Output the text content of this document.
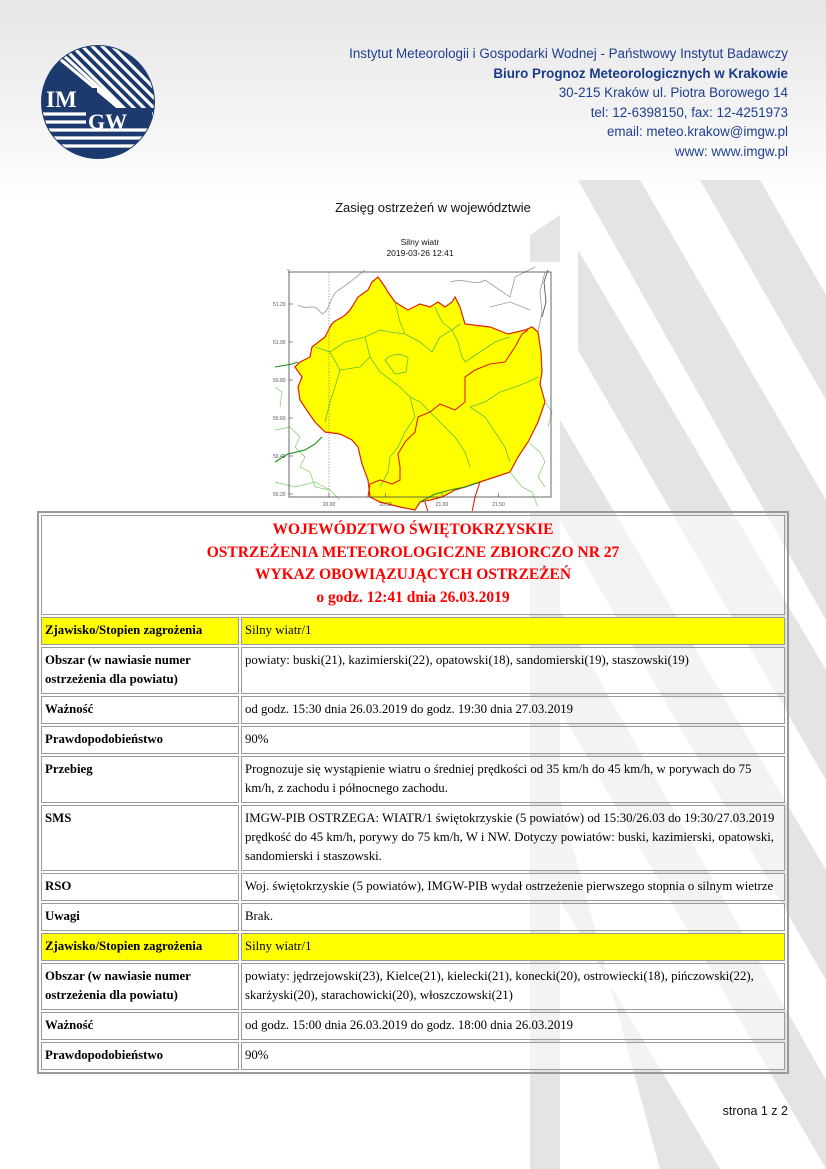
IM
GW
Instytut Meteorologii i Gospodarki Wodnej - Państwowy Instytut Badawczy
Biuro Prognoz Meteorologicznych w Krakowie
30-215 Kraków ul. Piotra Borowego 14
tel: 12-6398150, fax: 12-4251973
email: meteo.krakow@imgw.pl
www: www.imgw.pl
Zasięg ostrzeżeń w województwie
Silny wiatr
2019-03-26 12:41
Y
51.20
51.00
50.80
50.60
50.40
50.20
20.00	20.50	21.00	21.50
WOJEWÓDZTWO ŚWIĘTOKRZYSKIE
OSTRZEŻENIA METEOROLOGICZNE ZBIORCZO NR 27
WYKAZ OBOWIĄZUJĄCYCH OSTRZEŻEŃ
o godz. 12:41 dnia 26.03.2019	

Zjawisko/Stopien zagrożenia	Silny wiatr/1
Obszar (w nawiasie numer ostrzeżenia dla powiatu)	powiaty: buski(21), kazimierski(22), opatowski(18), sandomierski(19), staszowski(19)
Ważność	od godz. 15:30 dnia 26.03.2019 do godz. 19:30 dnia 27.03.2019
Prawdopodobieństwo	90%
Przebieg	Prognozuje się wystąpienie wiatru o średniej prędkości od 35 km/h do 45 km/h, w porywach do 75 km/h, z zachodu i północnego zachodu.
SMS	IMGW-PIB OSTRZEGA: WIATR/1 świętokrzyskie (5 powiatów) od 15:30/26.03 do 19:30/27.03.2019 prędkość do 45 km/h, porywy do 75 km/h, W i NW. Dotyczy powiatów: buski, kazimierski, opatowski, sandomierski i staszowski.
RSO	Woj. świętokrzyskie (5 powiatów), IMGW-PIB wydał ostrzeżenie pierwszego stopnia o silnym wietrze
Uwagi	Brak.
Zjawisko/Stopien zagrożenia	Silny wiatr/1
Obszar (w nawiasie numer ostrzeżenia dla powiatu)	powiaty: jędrzejowski(23), Kielce(21), kielecki(21), konecki(20), ostrowiecki(18), pińczowski(22), skarżyski(20), starachowicki(20), włoszczowski(21)
Ważność	od godz. 15:00 dnia 26.03.2019 do godz. 18:00 dnia 26.03.2019
Prawdopodobieństwo	90%
strona 1 z 2
